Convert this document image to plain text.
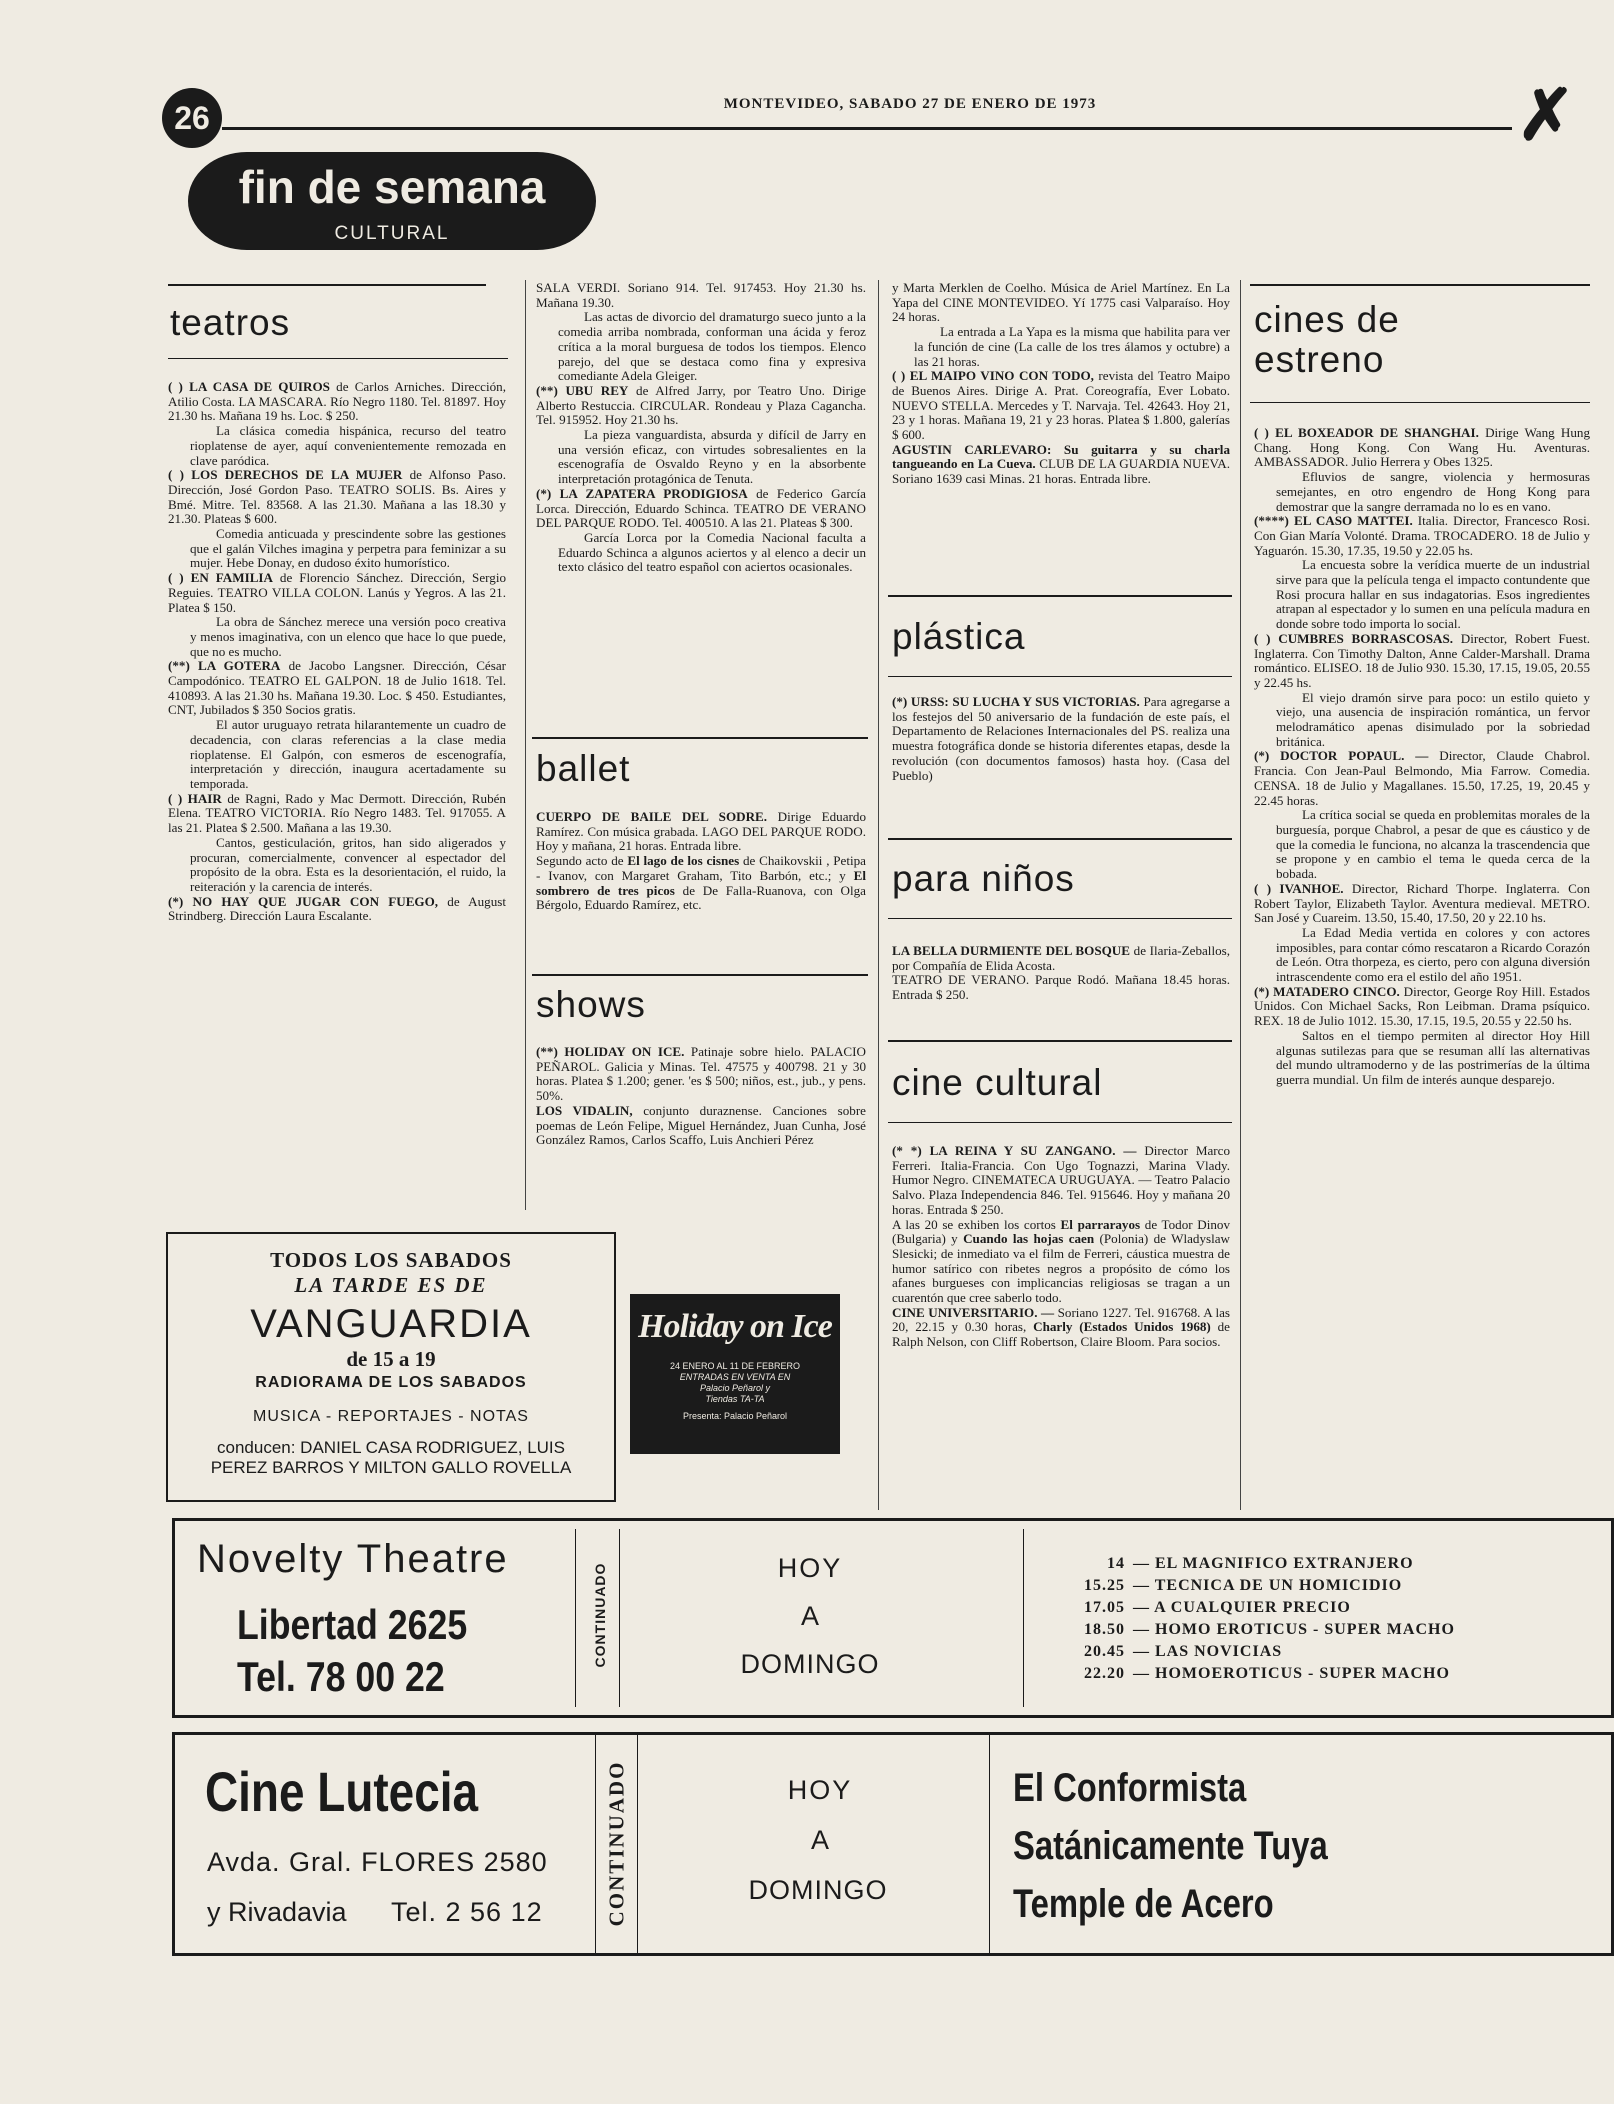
26	MONTEVIDEO, SABADO 27 DE ENERO DE 1973	✗
fin de semana
CULTURAL
teatros

( ) LA CASA DE QUIROS de Carlos Arniches. Dirección, Atilio Costa. LA MASCARA. Río Negro 1180. Tel. 81897. Hoy 21.30 hs. Mañana 19 hs. Loc. $ 250.

La clásica comedia hispánica, recurso del teatro rioplatense de ayer, aquí convenientemente remozada en clave paródica.

( ) LOS DERECHOS DE LA MUJER de Alfonso Paso. Dirección, José Gordon Paso. TEATRO SOLIS. Bs. Aires y Bmé. Mitre. Tel. 83568. A las 21.30. Mañana a las 18.30 y 21.30. Plateas $ 600.

Comedia anticuada y prescindente sobre las gestiones que el galán Vilches imagina y perpetra para feminizar a su mujer. Hebe Donay, en dudoso éxito humorístico.

( ) EN FAMILIA de Florencio Sánchez. Dirección, Sergio Reguies. TEATRO VILLA COLON. Lanús y Yegros. A las 21. Platea $ 150.

La obra de Sánchez merece una versión poco creativa y menos imaginativa, con un elenco que hace lo que puede, que no es mucho.

(**) LA GOTERA de Jacobo Langsner. Dirección, César Campodónico. TEATRO EL GALPON. 18 de Julio 1618. Tel. 410893. A las 21.30 hs. Mañana 19.30. Loc. $ 450. Estudiantes, CNT, Jubilados $ 350 Socios gratis.

El autor uruguayo retrata hilarantemente un cuadro de decadencia, con claras referencias a la clase media rioplatense. El Galpón, con esmeros de escenografía, interpretación y dirección, inaugura acertadamente su temporada.

( ) HAIR de Ragni, Rado y Mac Dermott. Dirección, Rubén Elena. TEATRO VICTORIA. Río Negro 1483. Tel. 917055. A las 21. Platea $ 2.500. Mañana a las 19.30.

Cantos, gesticulación, gritos, han sido aligerados y procuran, comercialmente, convencer al espectador del propósito de la obra. Esta es la desorientación, el ruido, la reiteración y la carencia de interés.

(*) NO HAY QUE JUGAR CON FUEGO, de August Strindberg. Dirección Laura Escalante.

SALA VERDI. Soriano 914. Tel. 917453. Hoy 21.30 hs. Mañana 19.30.

Las actas de divorcio del dramaturgo sueco junto a la comedia arriba nombrada, conforman una ácida y feroz crítica a la moral burguesa de todos los tiempos. Elenco parejo, del que se destaca como fina y expresiva comediante Adela Gleiger.

(**) UBU REY de Alfred Jarry, por Teatro Uno. Dirige Alberto Restuccia. CIRCULAR. Rondeau y Plaza Cagancha. Tel. 915952. Hoy 21.30 hs.

La pieza vanguardista, absurda y difícil de Jarry en una versión eficaz, con virtudes sobresalientes en la escenografía de Osvaldo Reyno y en la absorbente interpretación protagónica de Tenuta.

(*) LA ZAPATERA PRODIGIOSA de Federico García Lorca. Dirección, Eduardo Schinca. TEATRO DE VERANO DEL PARQUE RODO. Tel. 400510. A las 21. Plateas $ 300.

García Lorca por la Comedia Nacional faculta a Eduardo Schinca a algunos aciertos y al elenco a decir un texto clásico del teatro español con aciertos ocasionales.

ballet

CUERPO DE BAILE DEL SODRE. Dirige Eduardo Ramírez. Con música grabada. LAGO DEL PARQUE RODO. Hoy y mañana, 21 horas. Entrada libre.

Segundo acto de El lago de los cisnes de Chaikovskii , Petipa - Ivanov, con Margaret Graham, Tito Barbón, etc.; y El sombrero de tres picos de De Falla-Ruanova, con Olga Bérgolo, Eduardo Ramírez, etc.

shows

(**) HOLIDAY ON ICE. Patinaje sobre hielo. PALACIO PEÑAROL. Galicia y Minas. Tel. 47575 y 400798. 21 y 30 horas. Platea $ 1.200; gener. 'es $ 500; niños, est., jub., y pens. 50%.

LOS VIDALIN, conjunto duraznense. Canciones sobre poemas de León Felipe, Miguel Hernández, Juan Cunha, José González Ramos, Carlos Scaffo, Luis Anchieri Pérez

y Marta Merklen de Coelho. Música de Ariel Martínez. En La Yapa del CINE MONTEVIDEO. Yí 1775 casi Valparaíso. Hoy 24 horas.

La entrada a La Yapa es la misma que habilita para ver la función de cine (La calle de los tres álamos y octubre) a las 21 horas.

( ) EL MAIPO VINO CON TODO, revista del Teatro Maipo de Buenos Aires. Dirige A. Prat. Coreografía, Ever Lobato. NUEVO STELLA. Mercedes y T. Narvaja. Tel. 42643. Hoy 21, 23 y 1 horas. Mañana 19, 21 y 23 horas. Platea $ 1.800, galerías $ 600.

AGUSTIN CARLEVARO: Su guitarra y su charla tangueando en La Cueva. CLUB DE LA GUARDIA NUEVA. Soriano 1639 casi Minas. 21 horas. Entrada libre.

plástica

(*) URSS: SU LUCHA Y SUS VICTORIAS. Para agregarse a los festejos del 50 aniversario de la fundación de este país, el Departamento de Relaciones Internacionales del PS. realiza una muestra fotográfica donde se historia diferentes etapas, desde la revolución (con documentos famosos) hasta hoy. (Casa del Pueblo)

para niños

LA BELLA DURMIENTE DEL BOSQUE de Ilaria-Zeballos, por Compañía de Elida Acosta.

TEATRO DE VERANO. Parque Rodó. Mañana 18.45 horas. Entrada $ 250.

cine cultural

(* *) LA REINA Y SU ZANGANO. — Director Marco Ferreri. Italia-Francia. Con Ugo Tognazzi, Marina Vlady. Humor Negro. CINEMATECA URUGUAYA. — Teatro Palacio Salvo. Plaza Independencia 846. Tel. 915646. Hoy y mañana 20 horas. Entrada $ 250.

A las 20 se exhiben los cortos El parrarayos de Todor Dinov (Bulgaria) y Cuando las hojas caen (Polonia) de Wladyslaw Slesicki; de inmediato va el film de Ferreri, cáustica muestra de humor satírico con ribetes negros a propósito de cómo los afanes burgueses con implicancias religiosas se tragan a un cuarentón que cree saberlo todo.

CINE UNIVERSITARIO. — Soriano 1227. Tel. 916768. A las 20, 22.15 y 0.30 horas, Charly (Estados Unidos 1968) de Ralph Nelson, con Cliff Robertson, Claire Bloom. Para socios.

cines de
estreno

( ) EL BOXEADOR DE SHANGHAI. Dirige Wang Hung Chang. Hong Kong. Con Wang Hu. Aventuras. AMBASSADOR. Julio Herrera y Obes 1325.

Efluvios de sangre, violencia y hermosuras semejantes, en otro engendro de Hong Kong para demostrar que la sangre derramada no lo es en vano.

(****) EL CASO MATTEI. Italia. Director, Francesco Rosi. Con Gian María Volonté. Drama. TROCADERO. 18 de Julio y Yaguarón. 15.30, 17.35, 19.50 y 22.05 hs.

La encuesta sobre la verídica muerte de un industrial sirve para que la película tenga el impacto contundente que Rosi procura hallar en sus indagatorias. Esos ingredientes atrapan al espectador y lo sumen en una película madura en donde sobre todo importa lo social.

( ) CUMBRES BORRASCOSAS. Director, Robert Fuest. Inglaterra. Con Timothy Dalton, Anne Calder-Marshall. Drama romántico. ELISEO. 18 de Julio 930. 15.30, 17.15, 19.05, 20.55 y 22.45 hs.

El viejo dramón sirve para poco: un estilo quieto y viejo, una ausencia de inspiración romántica, un fervor melodramático apenas disimulado por la sobriedad británica.

(*) DOCTOR POPAUL. — Director, Claude Chabrol. Francia. Con Jean-Paul Belmondo, Mia Farrow. Comedia. CENSA. 18 de Julio y Magallanes. 15.50, 17.25, 19, 20.45 y 22.45 horas.

La crítica social se queda en problemitas morales de la burguesía, porque Chabrol, a pesar de que es cáustico y de que la comedia le funciona, no alcanza la trascendencia que se propone y en cambio el tema le queda cerca de la bobada.

( ) IVANHOE. Director, Richard Thorpe. Inglaterra. Con Robert Taylor, Elizabeth Taylor. Aventura medieval. METRO. San José y Cuareim. 13.50, 15.40, 17.50, 20 y 22.10 hs.

La Edad Media vertida en colores y con actores imposibles, para contar cómo rescataron a Ricardo Corazón de León. Otra thorpeza, es cierto, pero con alguna diversión intrascendente como era el estilo del año 1951.

(*) MATADERO CINCO. Director, George Roy Hill. Estados Unidos. Con Michael Sacks, Ron Leibman. Drama psíquico. REX. 18 de Julio 1012. 15.30, 17.15, 19.5, 20.55 y 22.50 hs.

Saltos en el tiempo permiten al director Hoy Hill algunas sutilezas para que se resuman allí las alternativas del mundo ultramoderno y de las postrimerías de la última guerra mundial. Un film de interés aunque desparejo.

TODOS LOS SABADOS
LA TARDE ES DE
VANGUARDIA
de 15 a 19
RADIORAMA DE LOS SABADOS
MUSICA - REPORTAJES - NOTAS
conducen: DANIEL CASA RODRIGUEZ, LUIS
PEREZ BARROS Y MILTON GALLO ROVELLA
Holiday on Ice
24 ENERO AL 11 DE FEBRERO
ENTRADAS EN VENTA EN
Palacio Peñarol y
Tiendas TA-TA
Presenta: Palacio Peñarol
Novelty Theatre
Libertad 2625
Tel. 78 00 22
CONTINUADO	HOY
A
DOMINGO
14 — EL MAGNIFICO EXTRANJERO
15.25 — TECNICA DE UN HOMICIDIO
17.05 — A CUALQUIER PRECIO
18.50 — HOMO EROTICUS - SUPER MACHO
20.45 — LAS NOVICIAS
22.20 — HOMOEROTICUS - SUPER MACHO
Cine Lutecia
Avda. Gral. FLORES 2580
y Rivadavia Tel. 2 56 12	CONTINUADO	HOY
A
DOMINGO
El Conformista
Satánicamente Tuya
Temple de Acero
